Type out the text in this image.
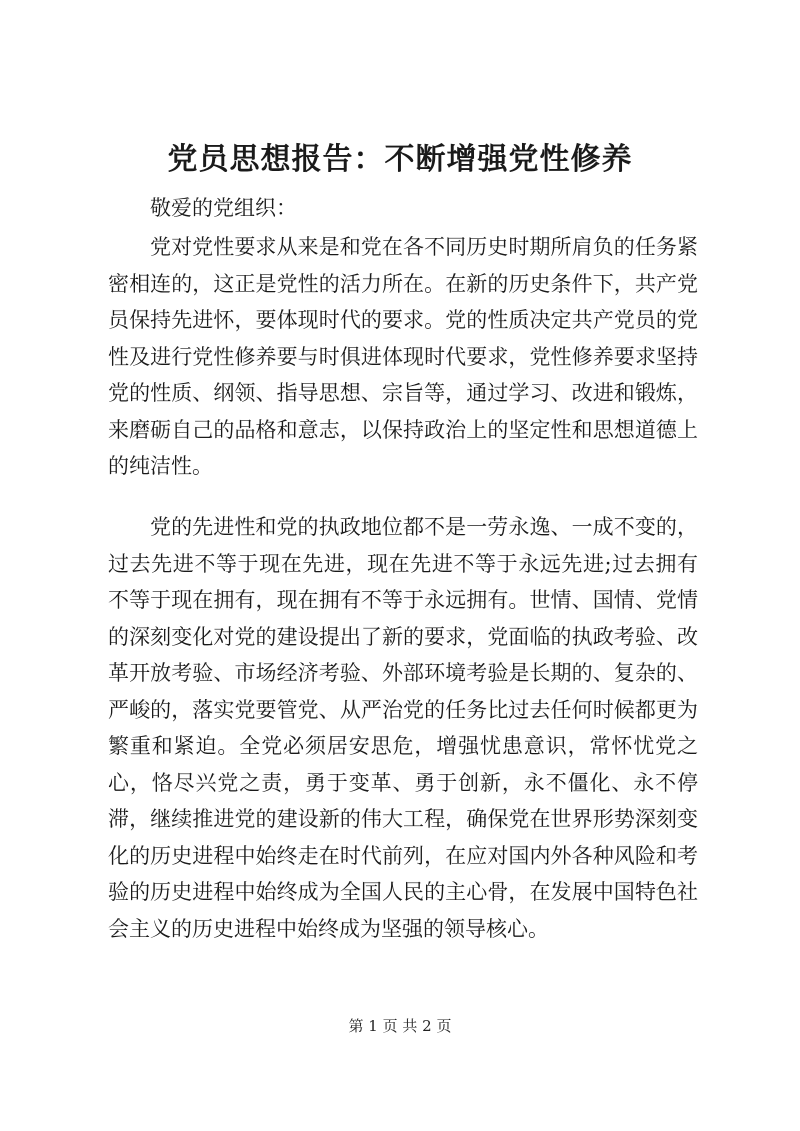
党员思想报告：不断增强党性修养

敬爱的党组织：

党对党性要求从来是和党在各不同历史时期所肩负的任务紧密相连的，这正是党性的活力所在。在新的历史条件下，共产党员保持先进怀，要体现时代的要求。党的性质决定共产党员的党性及进行党性修养要与时俱进体现时代要求，党性修养要求坚持党的性质、纲领、指导思想、宗旨等，通过学习、改进和锻炼，来磨砺自己的品格和意志，以保持政治上的坚定性和思想道德上的纯洁性。

党的先进性和党的执政地位都不是一劳永逸、一成不变的，过去先进不等于现在先进，现在先进不等于永远先进;过去拥有不等于现在拥有，现在拥有不等于永远拥有。世情、国情、党情的深刻变化对党的建设提出了新的要求，党面临的执政考验、改革开放考验、市场经济考验、外部环境考验是长期的、复杂的、严峻的，落实党要管党、从严治党的任务比过去任何时候都更为繁重和紧迫。全党必须居安思危，增强忧患意识，常怀忧党之心，恪尽兴党之责，勇于变革、勇于创新，永不僵化、永不停滞，继续推进党的建设新的伟大工程，确保党在世界形势深刻变化的历史进程中始终走在时代前列，在应对国内外各种风险和考验的历史进程中始终成为全国人民的主心骨，在发展中国特色社会主义的历史进程中始终成为坚强的领导核心。

第 1 页 共 2 页
